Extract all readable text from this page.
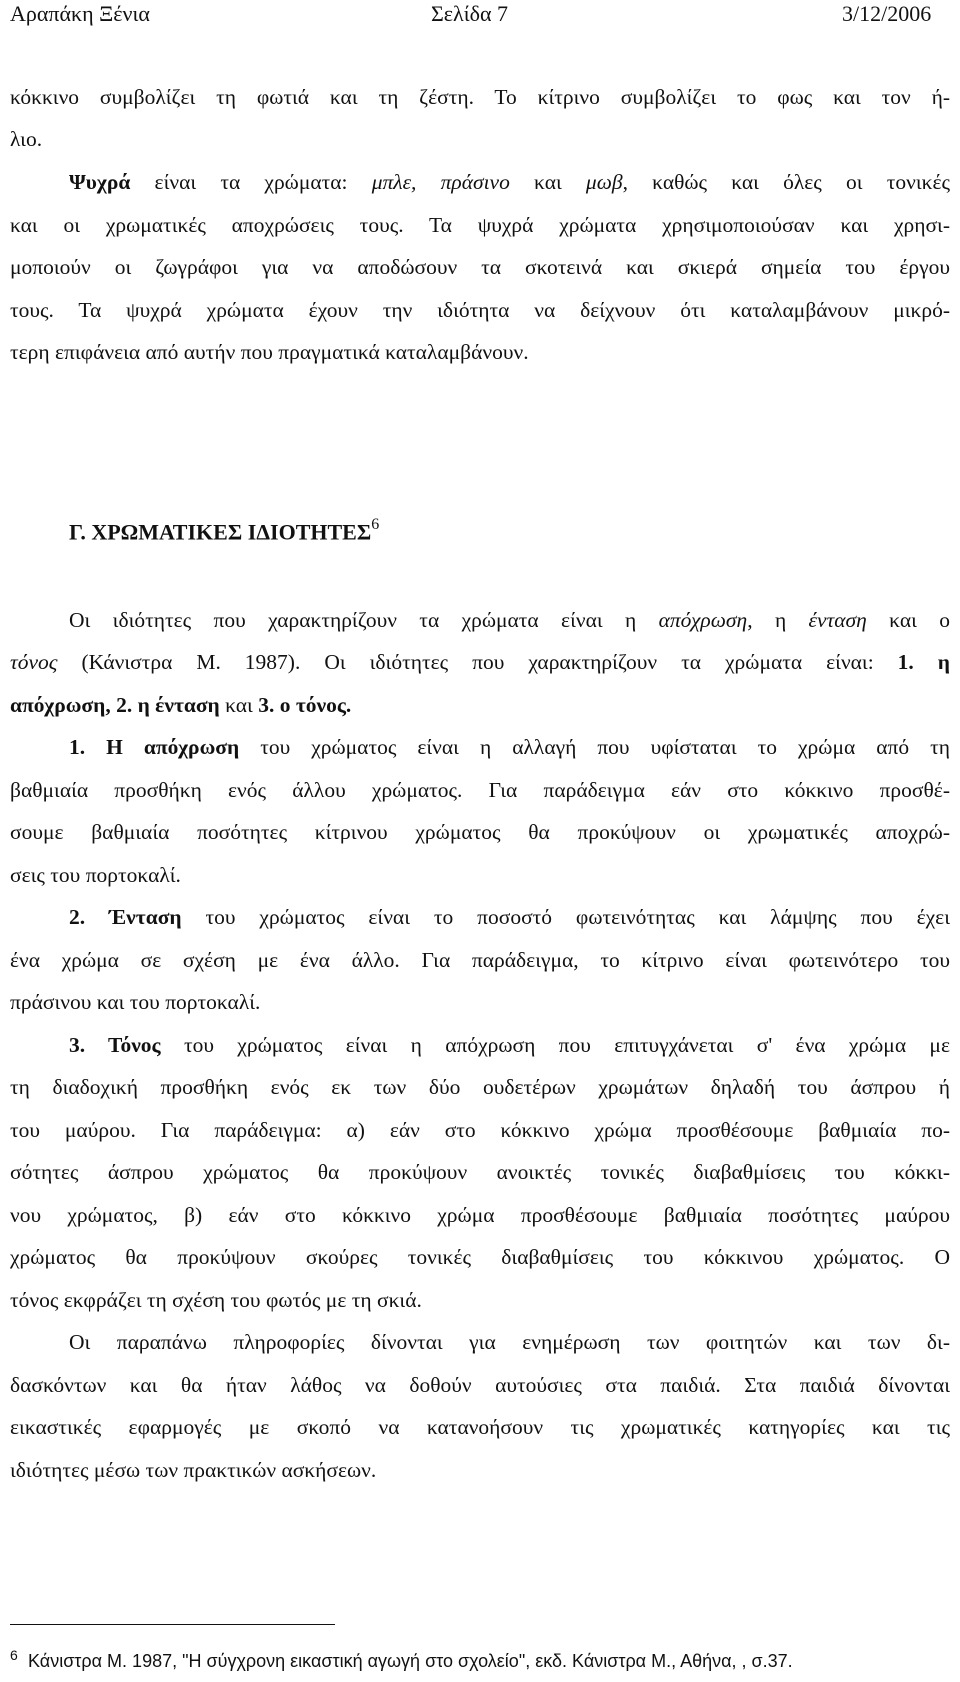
Αραπάκη Ξένια	Σελίδα 7	3/12/2006
κόκκινο συμβολίζει τη φωτιά και τη ζέστη. Το κίτρινο συμβολίζει το φως και τον ή-
λιο.
Ψυχρά είναι τα χρώματα: μπλε, πράσινο και μωβ, καθώς και όλες οι τονικές
και οι χρωματικές αποχρώσεις τους. Τα ψυχρά χρώματα χρησιμοποιούσαν και χρησι-
μοποιούν οι ζωγράφοι για να αποδώσουν τα σκοτεινά και σκιερά σημεία του έργου
τους. Τα ψυχρά χρώματα έχουν την ιδιότητα να δείχνουν ότι καταλαμβάνουν μικρό-
τερη επιφάνεια από αυτήν που πραγματικά καταλαμβάνουν.
Γ. ΧΡΩΜΑΤΙΚΕΣ ΙΔΙΟΤΗΤΕΣ$^6$
Οι ιδιότητες που χαρακτηρίζουν τα χρώματα είναι η απόχρωση, η ένταση και ο
τόνος (Κάνιστρα Μ. 1987). Οι ιδιότητες που χαρακτηρίζουν τα χρώματα είναι: 1. η
απόχρωση, 2. η ένταση και 3. ο τόνος.
1. Η απόχρωση του χρώματος είναι η αλλαγή που υφίσταται το χρώμα από τη
βαθμιαία προσθήκη ενός άλλου χρώματος. Για παράδειγμα εάν στο κόκκινο προσθέ-
σουμε βαθμιαία ποσότητες κίτρινου χρώματος θα προκύψουν οι χρωματικές αποχρώ-
σεις του πορτοκαλί.
2. Ένταση του χρώματος είναι το ποσοστό φωτεινότητας και λάμψης που έχει
ένα χρώμα σε σχέση με ένα άλλο. Για παράδειγμα, το κίτρινο είναι φωτεινότερο του
πράσινου και του πορτοκαλί.
3. Τόνος του χρώματος είναι η απόχρωση που επιτυγχάνεται σ' ένα χρώμα με
τη διαδοχική προσθήκη ενός εκ των δύο ουδετέρων χρωμάτων δηλαδή του άσπρου ή
του μαύρου. Για παράδειγμα: α) εάν στο κόκκινο χρώμα προσθέσουμε βαθμιαία πο-
σότητες άσπρου χρώματος θα προκύψουν ανοικτές τονικές διαβαθμίσεις του κόκκι-
νου χρώματος, β) εάν στο κόκκινο χρώμα προσθέσουμε βαθμιαία ποσότητες μαύρου
χρώματος θα προκύψουν σκούρες τονικές διαβαθμίσεις του κόκκινου χρώματος. Ο
τόνος εκφράζει τη σχέση του φωτός με τη σκιά.
Οι παραπάνω πληροφορίες δίνονται για ενημέρωση των φοιτητών και των δι-
δασκόντων και θα ήταν λάθος να δοθούν αυτούσιες στα παιδιά. Στα παιδιά δίνονται
εικαστικές εφαρμογές με σκοπό να κατανοήσουν τις χρωματικές κατηγορίες και τις
ιδιότητες μέσω των πρακτικών ασκήσεων.
6 Κάνιστρα Μ. 1987, "Η σύγχρονη εικαστική αγωγή στο σχολείο", εκδ. Κάνιστρα Μ., Αθήνα, , σ.37.
